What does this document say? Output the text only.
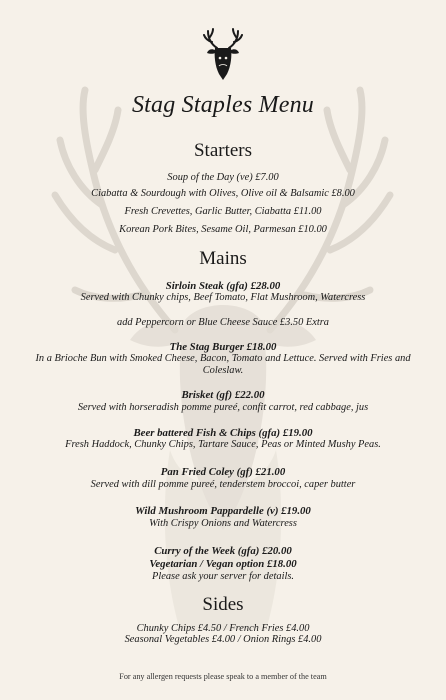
Stag Staples Menu
Starters
Soup of the Day (ve) £7.00
Ciabatta & Sourdough with Olives, Olive oil & Balsamic £8.00
Fresh Crevettes, Garlic Butter, Ciabatta £11.00
Korean Pork Bites, Sesame Oil, Parmesan £10.00
Mains
Sirloin Steak (gfa) £28.00
Served with Chunky chips, Beef Tomato, Flat Mushroom, Watercress
add Peppercorn or Blue Cheese Sauce £3.50 Extra
The Stag Burger £18.00
In a Brioche Bun with Smoked Cheese, Bacon, Tomato and Lettuce. Served with Fries and Coleslaw.
Brisket (gf) £22.00
Served with horseradish pomme pureé, confit carrot, red cabbage, jus
Beer battered Fish & Chips (gfa) £19.00
Fresh Haddock, Chunky Chips, Tartare Sauce, Peas or Minted Mushy Peas.
Pan Fried Coley (gf) £21.00
Served with dill pomme pureé, tenderstem broccoi, caper butter
Wild Mushroom Pappardelle (v) £19.00
With Crispy Onions and Watercress
Curry of the Week (gfa) £20.00
Vegetarian / Vegan option £18.00
Please ask your server for details.
Sides
Chunky Chips £4.50 / French Fries £4.00
Seasonal Vegetables £4.00 / Onion Rings £4.00
For any allergen requests please speak to a member of the team
